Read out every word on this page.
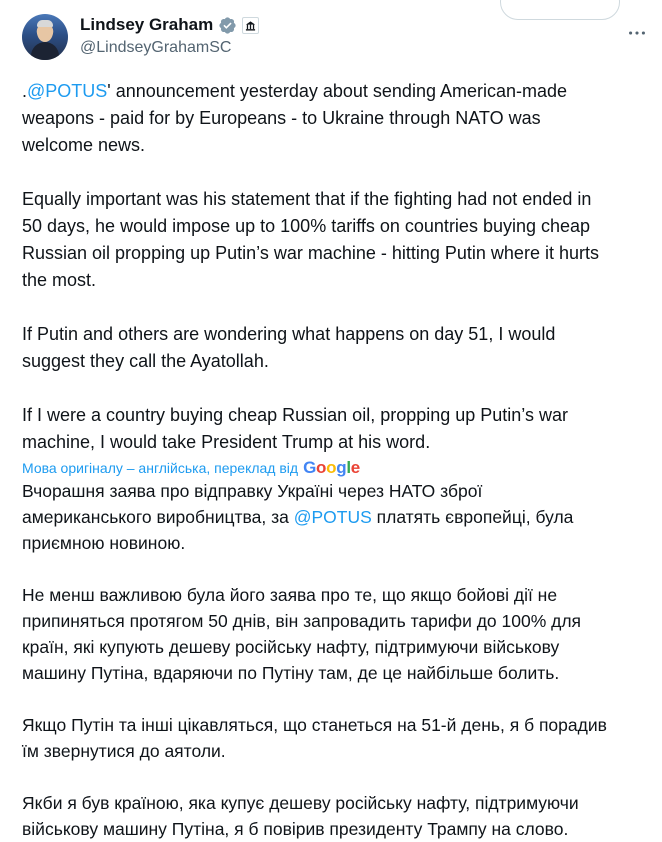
Lindsey Graham
@LindseyGrahamSC

.@POTUS' announcement yesterday about sending American-made

weapons - paid for by Europeans - to Ukraine through NATO was

welcome news.

Equally important was his statement that if the fighting had not ended in

50 days, he would impose up to 100% tariffs on countries buying cheap

Russian oil propping up Putin’s war machine - hitting Putin where it hurts

the most.

If Putin and others are wondering what happens on day 51, I would

suggest they call the Ayatollah.

If I were a country buying cheap Russian oil, propping up Putin’s war

machine, I would take President Trump at his word.

Мова оригіналу – англійська, переклад від Google

Вчорашня заява про відправку Україні через НАТО зброї

американського виробництва, за @POTUS платять європейці, була

приємною новиною.

Не менш важливою була його заява про те, що якщо бойові дії не

припиняться протягом 50 днів, він запровадить тарифи до 100% для

країн, які купують дешеву російську нафту, підтримуючи військову

машину Путіна, вдаряючи по Путіну там, де це найбільше болить.

Якщо Путін та інші цікавляться, що станеться на 51-й день, я б порадив

їм звернутися до аятоли.

Якби я був країною, яка купує дешеву російську нафту, підтримуючи

військову машину Путіна, я б повірив президенту Трампу на слово.
